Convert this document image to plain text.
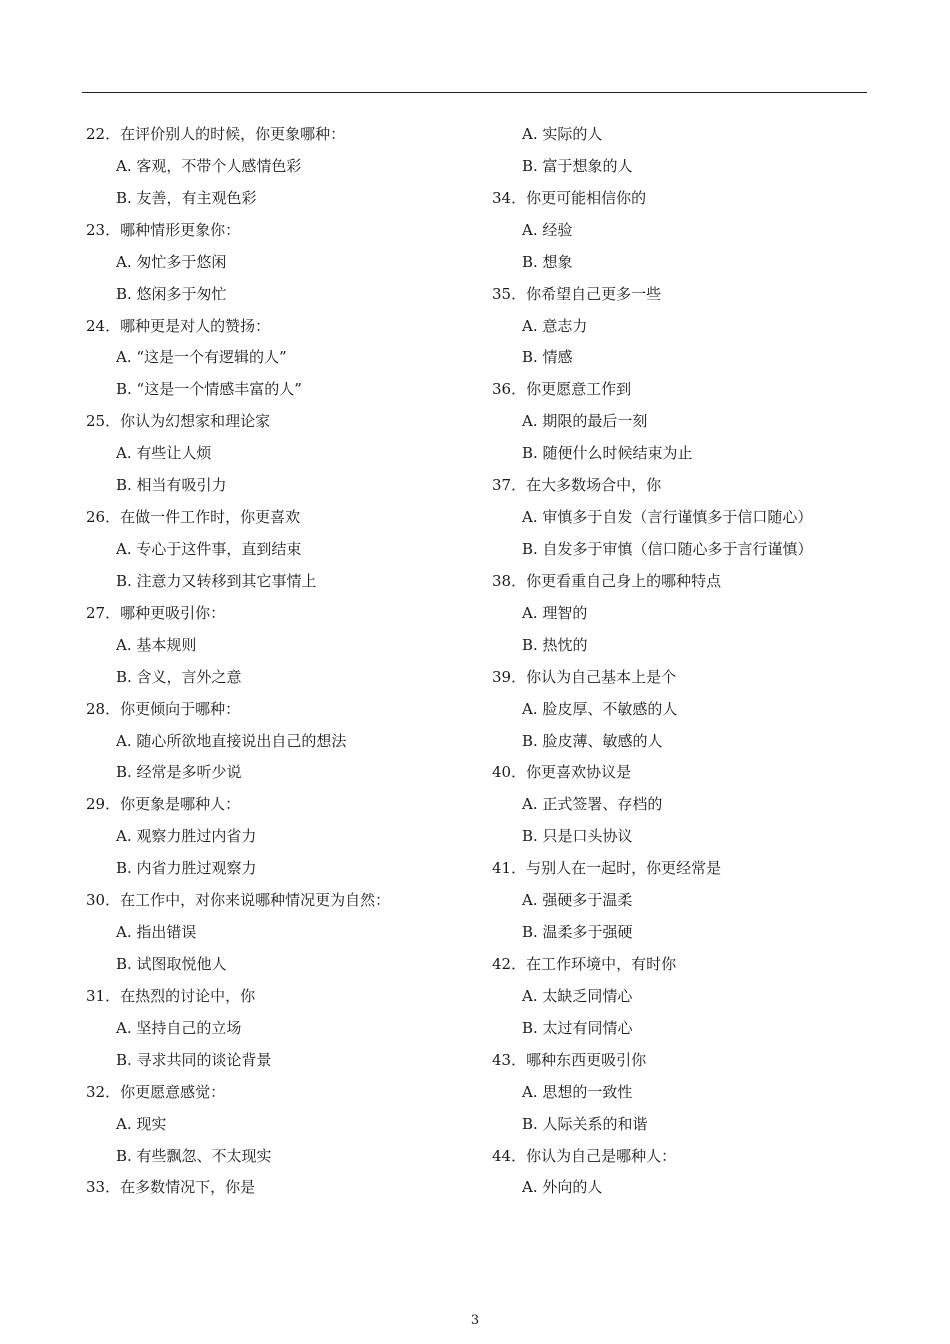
22．在评价别人的时候，你更象哪种：
A. 客观，不带个人感情色彩
B. 友善，有主观色彩
23．哪种情形更象你：
A. 匆忙多于悠闲
B. 悠闲多于匆忙
24．哪种更是对人的赞扬：
A. “这是一个有逻辑的人”
B. “这是一个情感丰富的人”
25．你认为幻想家和理论家
A. 有些让人烦
B. 相当有吸引力
26．在做一件工作时，你更喜欢
A. 专心于这件事，直到结束
B. 注意力又转移到其它事情上
27．哪种更吸引你：
A. 基本规则
B. 含义，言外之意
28．你更倾向于哪种：
A. 随心所欲地直接说出自己的想法
B. 经常是多听少说
29．你更象是哪种人：
A. 观察力胜过内省力
B. 内省力胜过观察力
30．在工作中，对你来说哪种情况更为自然：
A. 指出错误
B. 试图取悦他人
31．在热烈的讨论中，你
A. 坚持自己的立场
B. 寻求共同的谈论背景
32．你更愿意感觉：
A. 现实
B. 有些飘忽、不太现实
33．在多数情况下，你是
A. 实际的人
B. 富于想象的人
34．你更可能相信你的
A. 经验
B. 想象
35．你希望自己更多一些
A. 意志力
B. 情感
36．你更愿意工作到
A. 期限的最后一刻
B. 随便什么时候结束为止
37．在大多数场合中，你
A. 审慎多于自发（言行谨慎多于信口随心）
B. 自发多于审慎（信口随心多于言行谨慎）
38．你更看重自己身上的哪种特点
A. 理智的
B. 热忱的
39．你认为自己基本上是个
A. 脸皮厚、不敏感的人
B. 脸皮薄、敏感的人
40．你更喜欢协议是
A. 正式签署、存档的
B. 只是口头协议
41．与别人在一起时，你更经常是
A. 强硬多于温柔
B. 温柔多于强硬
42．在工作环境中，有时你
A. 太缺乏同情心
B. 太过有同情心
43．哪种东西更吸引你
A. 思想的一致性
B. 人际关系的和谐
44．你认为自己是哪种人：
A. 外向的人
3
